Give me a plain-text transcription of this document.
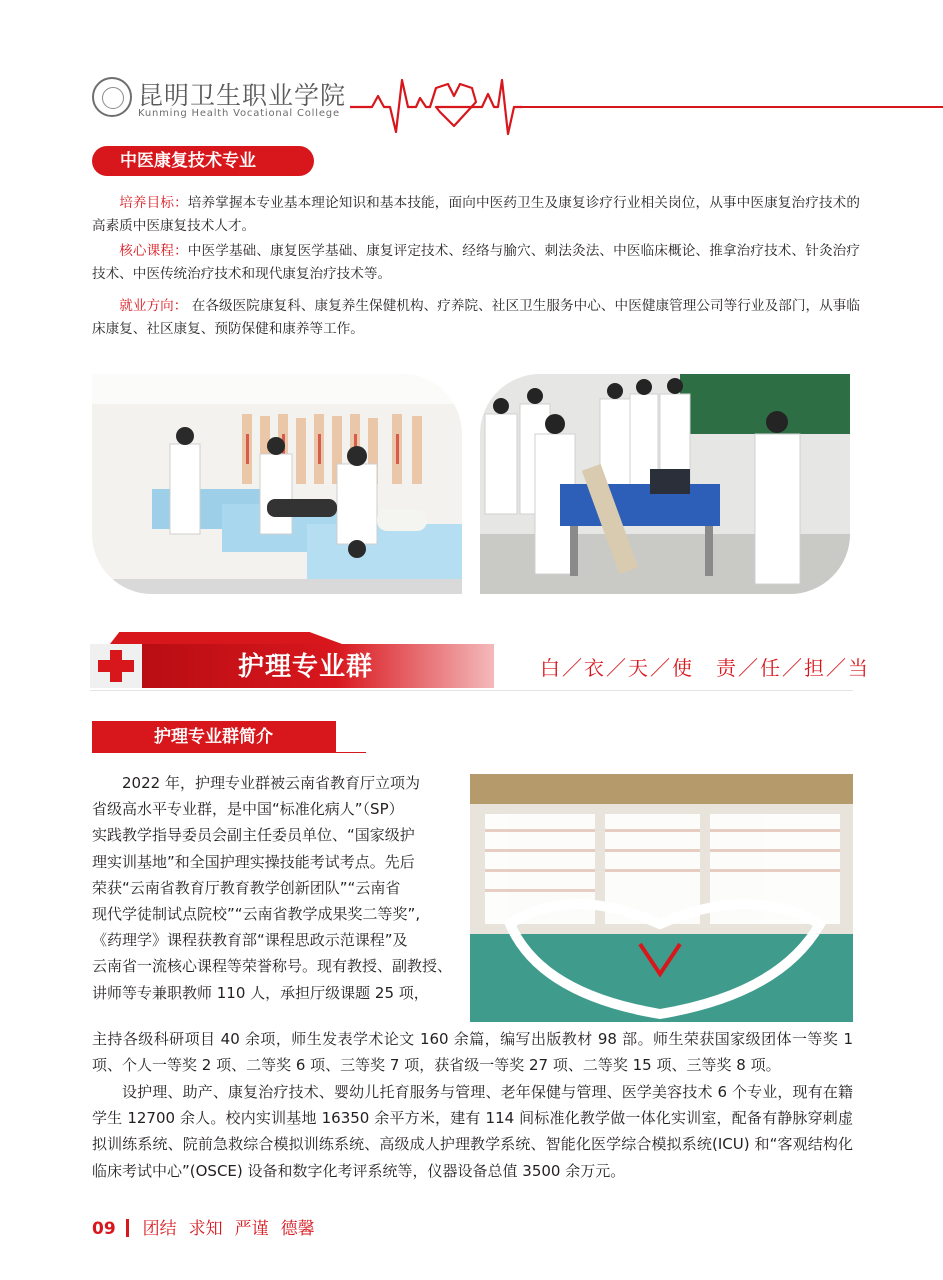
昆明卫生职业学院
Kunming Health Vocational College
中医康复技术专业

培养目标：培养掌握本专业基本理论知识和基本技能，面向中医药卫生及康复诊疗行业相关岗位，从事中医康复治疗技术的高素质中医康复技术人才。

核心课程：中医学基础、康复医学基础、康复评定技术、经络与腧穴、刺法灸法、中医临床概论、推拿治疗技术、针灸治疗技术、中医传统治疗技术和现代康复治疗技术等。

就业方向： 在各级医院康复科、康复养生保健机构、疗养院、社区卫生服务中心、中医健康管理公司等行业及部门，从事临床康复、社区康复、预防保健和康养等工作。

护理专业群	白／衣／天／使　责／任／担／当
护理专业群简介
2022 年，护理专业群被云南省教育厅立项为
省级高水平专业群，是中国“标准化病人”（SP）
实践教学指导委员会副主任委员单位、“国家级护
理实训基地”和全国护理实操技能考试考点。先后
荣获“云南省教育厅教育教学创新团队”“云南省
现代学徒制试点院校”“云南省教学成果奖二等奖”,
《药理学》课程获教育部“课程思政示范课程”及
云南省一流核心课程等荣誉称号。现有教授、副教授、
讲师等专兼职教师 110 人，承担厅级课题 25 项，
主持各级科研项目 40 余项，师生发表学术论文 160 余篇，编写出版教材 98 部。师生荣获国家级团体一等奖 1 项、个人一等奖 2 项、二等奖 6 项、三等奖 7 项，获省级一等奖 27 项、二等奖 15 项、三等奖 8 项。
设护理、助产、康复治疗技术、婴幼儿托育服务与管理、老年保健与管理、医学美容技术 6 个专业，现有在籍学生 12700 余人。校内实训基地 16350 余平方米，建有 114 间标准化教学做一体化实训室，配备有静脉穿刺虚拟训练系统、院前急救综合模拟训练系统、高级成人护理教学系统、智能化医学综合模拟系统(ICU) 和“客观结构化临床考试中心”(OSCE) 设备和数字化考评系统等，仪器设备总值 3500 余万元。
09 团结 求知 严谨 德馨
